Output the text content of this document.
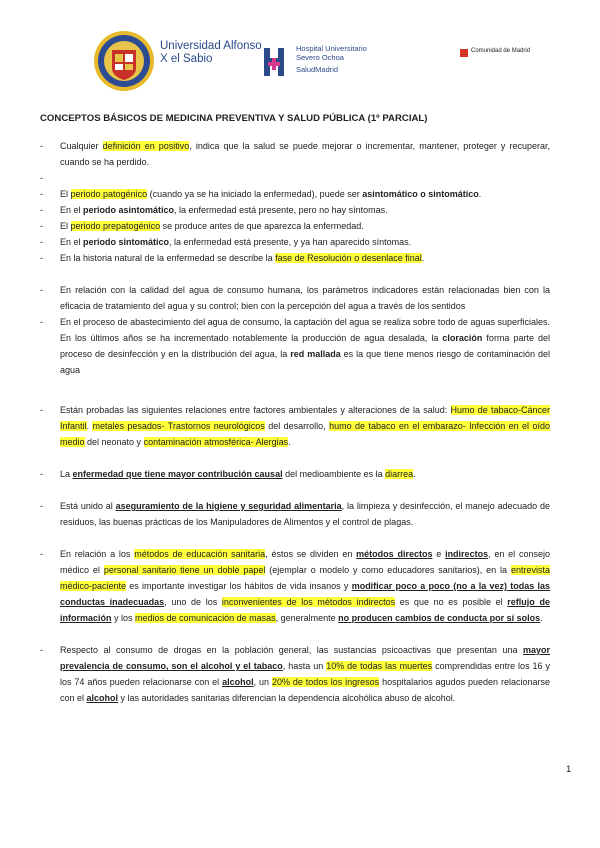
Universidad Alfonso
X el Sabio
Hospital Universitario
Severo Ochoa
SaludMadrid
Comunidad de Madrid
CONCEPTOS BÁSICOS DE MEDICINA PREVENTIVA Y SALUD PÚBLICA (1º PARCIAL)
- Cualquier definición en positivo, indica que la salud se puede mejorar o incrementar, mantener, proteger y recuperar, cuando se ha perdido.
-

- El periodo patogénico (cuando ya se ha iniciado la enfermedad), puede ser asintomático o sintomático.
- En el periodo asintomático, la enfermedad está presente, pero no hay síntomas.
- El periodo prepatogénico se produce antes de que aparezca la enfermedad.
- En el periodo sintomático, la enfermedad está presente, y ya han aparecido síntomas.
- En la historia natural de la enfermedad se describe la fase de Resolución o desenlace final.
- En relación con la calidad del agua de consumo humana, los parámetros indicadores están relacionadas bien con la eficacia de tratamiento del agua y su control; bien con la percepción del agua a través de los sentidos
- En el proceso de abastecimiento del agua de consumo, la captación del agua se realiza sobre todo de aguas superficiales. En los últimos años se ha incrementado notablemente la producción de agua desalada, la cloración forma parte del proceso de desinfección y en la distribución del agua, la red mallada es la que tiene menos riesgo de contaminación del agua
- Están probadas las siguientes relaciones entre factores ambientales y alteraciones de la salud: Humo de tabaco-Cáncer Infantil. metales pesados- Trastornos neurológicos del desarrollo, humo de tabaco en el embarazo- Infección en el oído medio del neonato y contaminación atmosférica- Alergias.
- La enfermedad que tiene mayor contribución causal del medioambiente es la diarrea.
- Está unido al aseguramiento de la higiene y seguridad alimentaria, la limpieza y desinfección, el manejo adecuado de residuos, las buenas prácticas de los Manipuladores de Alimentos y el control de plagas.
- En relación a los métodos de educación sanitaria, éstos se dividen en métodos directos e indirectos, en el consejo médico el personal sanitario tiene un doble papel (ejemplar o modelo y como educadores sanitarios), en la entrevista médico-paciente es importante investigar los hábitos de vida insanos y modificar poco a poco (no a la vez) todas las conductas inadecuadas, uno de los inconvenientes de los métodos indirectos es que no es posible el reflujo de información y los medios de comunicación de masas, generalmente no producen cambios de conducta por sí solos.
- Respecto al consumo de drogas en la población general, las sustancias psicoactivas que presentan una mayor prevalencia de consumo, son el alcohol y el tabaco, hasta un 10% de todas las muertes comprendidas entre los 16 y los 74 años pueden relacionarse con el alcohol, un 20% de todos los ingresos hospitalarios agudos pueden relacionarse con el alcohol y las autoridades sanitarias diferencian la dependencia alcohólica abuso de alcohol.
1
